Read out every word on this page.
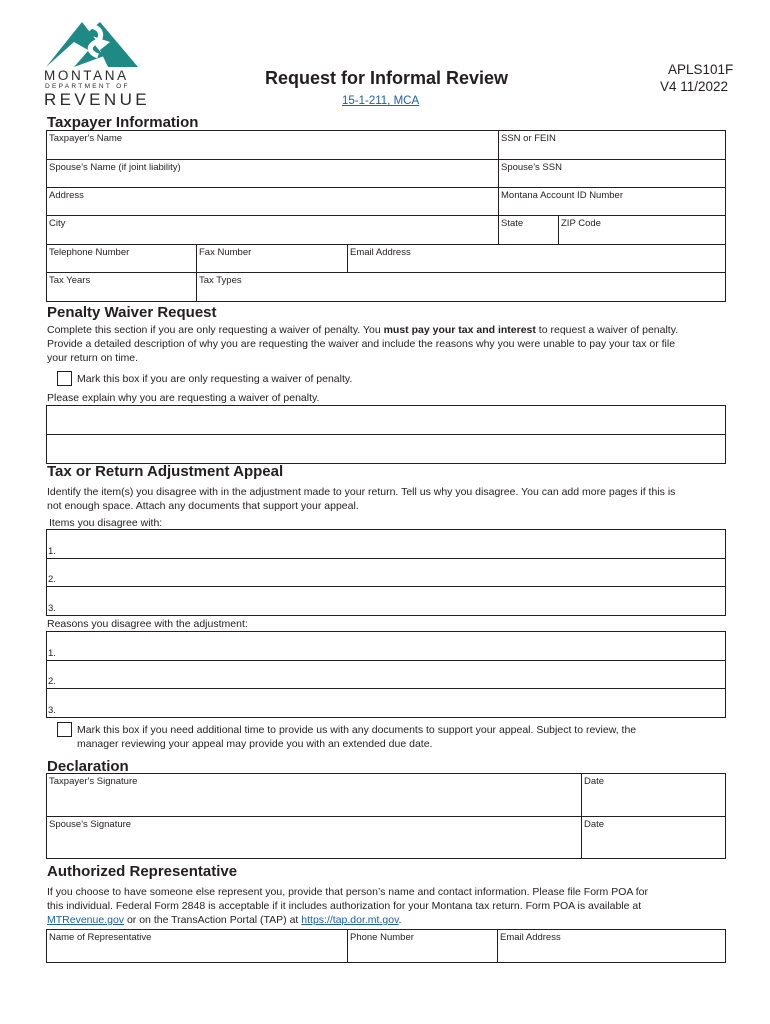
MONTANA
DEPARTMENT OF
REVENUE
Request for Informal Review
15-1-211, MCA
APLS101F
V4 11/2022
Taxpayer Information
Taxpayer's Name	SSN or FEIN
Spouse's Name (if joint liability)	Spouse's SSN
Address	Montana Account ID Number
City	State	ZIP Code
Telephone Number	Fax Number	Email Address
Tax Years	Tax Types
Penalty Waiver Request
Complete this section if you are only requesting a waiver of penalty. You must pay your tax and interest to request a waiver of penalty.
Provide a detailed description of why you are requesting the waiver and include the reasons why you were unable to pay your tax or file
your return on time.
Mark this box if you are only requesting a waiver of penalty.
Please explain why you are requesting a waiver of penalty.
Tax or Return Adjustment Appeal
Identify the item(s) you disagree with in the adjustment made to your return. Tell us why you disagree. You can add more pages if this is
not enough space. Attach any documents that support your appeal.
Items you disagree with:
1.
2.
3.
Reasons you disagree with the adjustment:
1.
2.
3.
Mark this box if you need additional time to provide us with any documents to support your appeal. Subject to review, the
manager reviewing your appeal may provide you with an extended due date.
Declaration
Taxpayer's Signature	Date
Spouse's Signature	Date
Authorized Representative
If you choose to have someone else represent you, provide that person’s name and contact information. Please file Form POA for
this individual. Federal Form 2848 is acceptable if it includes authorization for your Montana tax return. Form POA is available at
MTRevenue.gov or on the TransAction Portal (TAP) at https://tap.dor.mt.gov.
Name of Representative	Phone Number	Email Address
